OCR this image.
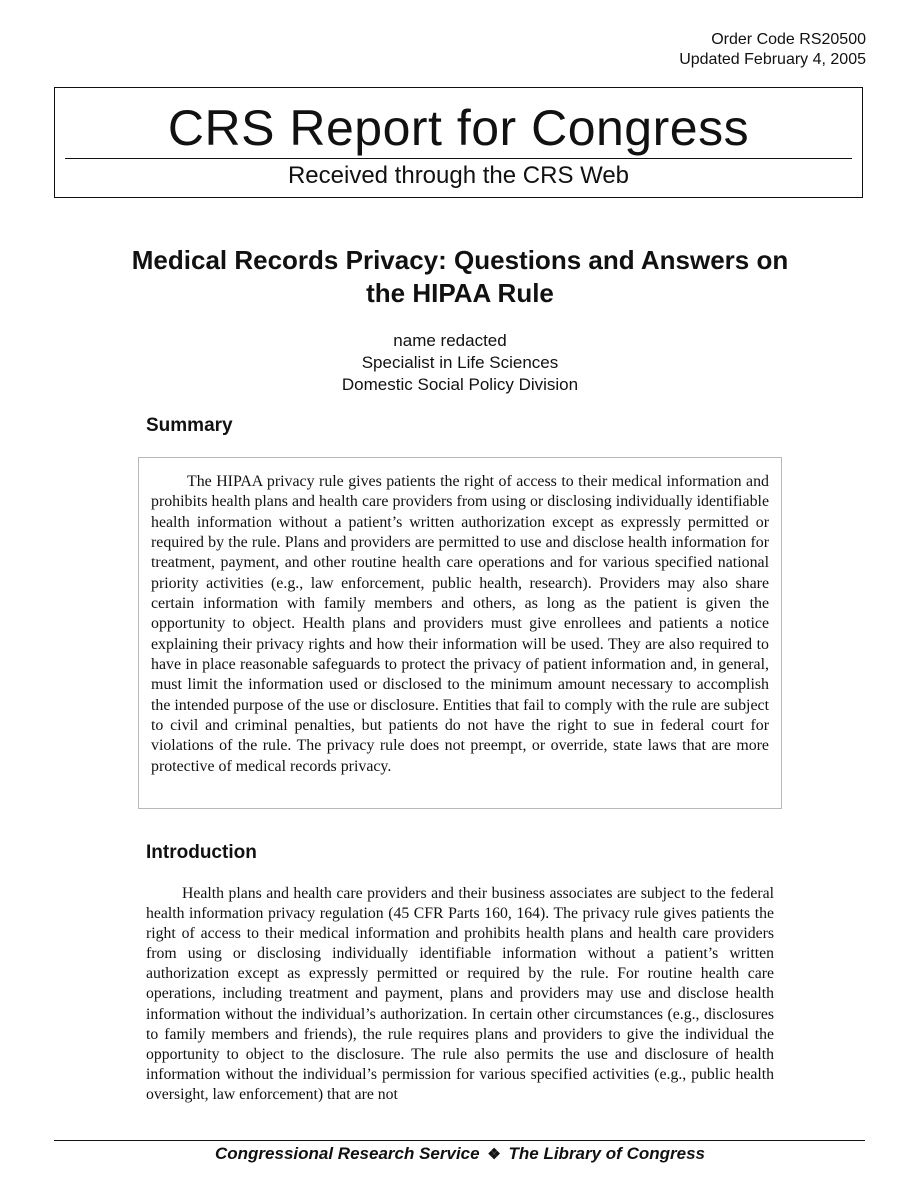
Order Code RS20500
Updated February 4, 2005
CRS Report for Congress
Received through the CRS Web
Medical Records Privacy: Questions and Answers on the HIPAA Rule
name redacted
Specialist in Life Sciences
Domestic Social Policy Division
Summary

The HIPAA privacy rule gives patients the right of access to their medical information and prohibits health plans and health care providers from using or disclosing individually identifiable health information without a patient’s written authorization except as expressly permitted or required by the rule. Plans and providers are permitted to use and disclose health information for treatment, payment, and other routine health care operations and for various specified national priority activities (e.g., law enforcement, public health, research). Providers may also share certain information with family members and others, as long as the patient is given the opportunity to object. Health plans and providers must give enrollees and patients a notice explaining their privacy rights and how their information will be used. They are also required to have in place reasonable safeguards to protect the privacy of patient information and, in general, must limit the information used or disclosed to the minimum amount necessary to accomplish the intended purpose of the use or disclosure. Entities that fail to comply with the rule are subject to civil and criminal penalties, but patients do not have the right to sue in federal court for violations of the rule. The privacy rule does not preempt, or override, state laws that are more protective of medical records privacy.

Introduction

Health plans and health care providers and their business associates are subject to the federal health information privacy regulation (45 CFR Parts 160, 164). The privacy rule gives patients the right of access to their medical information and prohibits health plans and health care providers from using or disclosing individually identifiable information without a patient’s written authorization except as expressly permitted or required by the rule. For routine health care operations, including treatment and payment, plans and providers may use and disclose health information without the individual’s authorization. In certain other circumstances (e.g., disclosures to family members and friends), the rule requires plans and providers to give the individual the opportunity to object to the disclosure. The rule also permits the use and disclosure of health information without the individual’s permission for various specified activities (e.g., public health oversight, law enforcement) that are not

Congressional Research Service ❖ The Library of Congress
